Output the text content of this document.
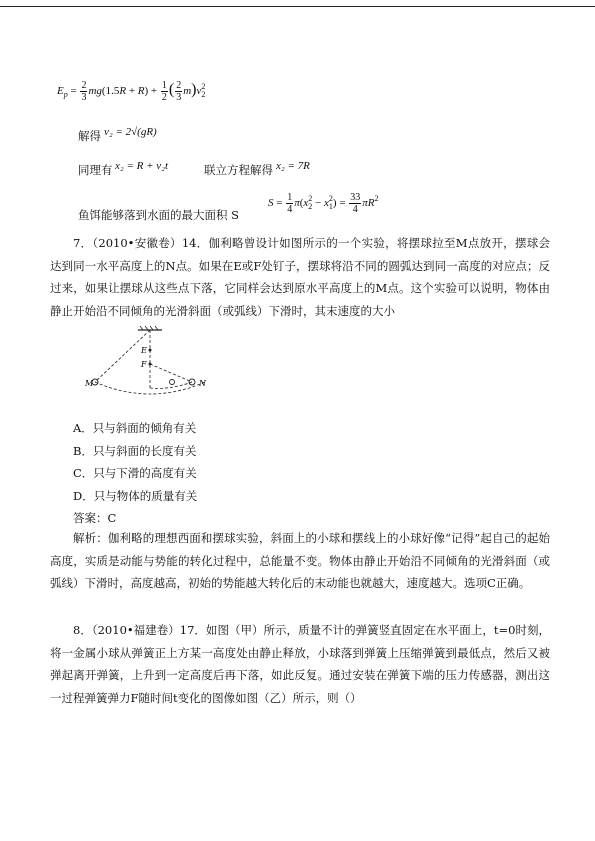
$E_p = \frac{2}{3} mg(1.5R + R) + \frac{1}{2}$ ( $\frac{2}{3} m)v^2_2$
解得 v₂ = 2√(gR)
同理有 x₂ = R + v₂t	联立方程解得 x₂ = 7R
$S = \frac{1}{4} \pi(x_2^2 - x_1^2) = \frac{33}{4} \pi R^2$
鱼饵能够落到水面的最大面积 S

7．（2010•安徽卷）14．伽利略曾设计如图所示的一个实验，将摆球拉至M点放开，摆球会达到同一水平高度上的N点。如果在E或F处钉子，摆球将沿不同的圆弧达到同一高度的对应点；反过来，如果让摆球从这些点下落，它同样会达到原水平高度上的M点。这个实验可以说明，物体由静止开始沿不同倾角的光滑斜面（或弧线）下滑时，其末速度的大小

M	N
E
F
A．只与斜面的倾角有关
B．只与斜面的长度有关
C．只与下滑的高度有关
D．只与物体的质量有关
答案：C

解析：伽利略的理想西面和摆球实验，斜面上的小球和摆线上的小球好像“记得”起自己的起始高度，实质是动能与势能的转化过程中，总能量不变。物体由静止开始沿不同倾角的光滑斜面（或弧线）下滑时，高度越高，初始的势能越大转化后的末动能也就越大，速度越大。选项C正确。

8．（2010•福建卷）17．如图（甲）所示，质量不计的弹簧竖直固定在水平面上，t=0时刻，将一金属小球从弹簧正上方某一高度处由静止释放，小球落到弹簧上压缩弹簧到最低点，然后又被弹起离开弹簧，上升到一定高度后再下落，如此反复。通过安装在弹簧下端的压力传感器，测出这一过程弹簧弹力F随时间t变化的图像如图（乙）所示，则（）
